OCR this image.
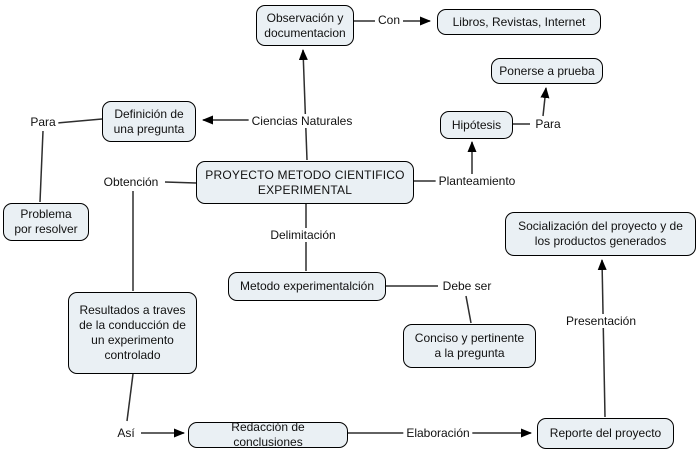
Observación y documentacion
Libros, Revistas, Internet
Ponerse a prueba
Definición de una pregunta	Hipótesis
PROYECTO METODO CIENTIFICO EXPERIMENTAL
Problema por resolver	Socialización del proyecto y de los productos generados
Metodo experimentalción
Resultados a traves de la conducción de un experimento controlado
Conciso y pertinente a la pregunta
Redacción de conclusiones
Reporte del proyecto
Con
Ciencias Naturales
Para	Para
Obtención	Planteamiento
Delimitación
Debe ser
Presentación
Así	Elaboración
